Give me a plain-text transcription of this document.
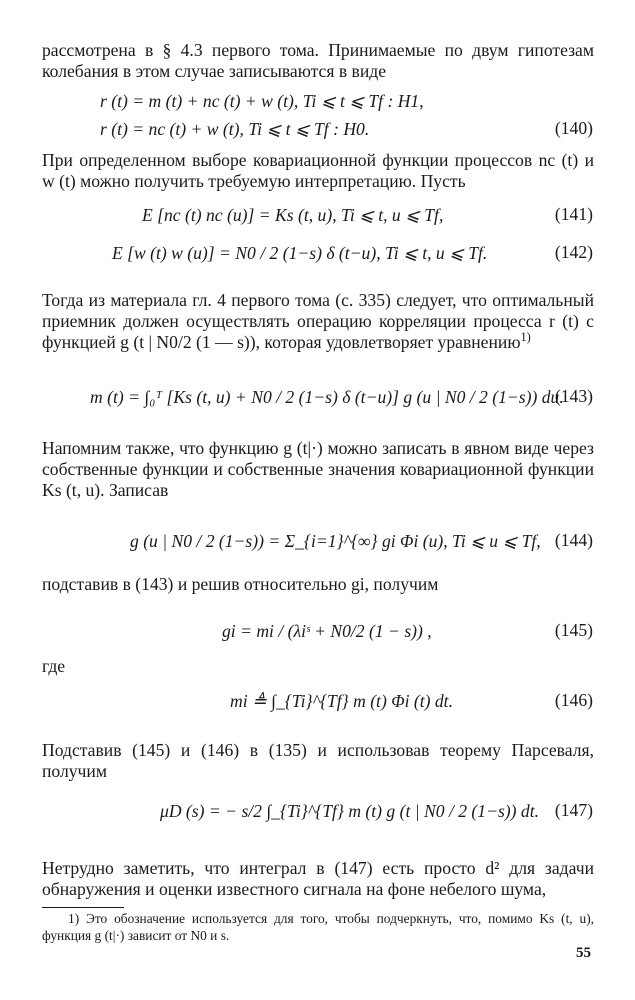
рассмотрена в § 4.3 первого тома. Принимаемые по двум гипотезам колебания в этом случае записываются в виде
r (t) = m (t) + nc (t) + w (t), Ti ⩽ t ⩽ Tf : H1,
r (t) = nc (t) + w (t), Ti ⩽ t ⩽ Tf : H0.	(140)
При определенном выборе ковариационной функции процессов nc (t) и w (t) можно получить требуемую интерпретацию. Пусть
E [nc (t) nc (u)] = Ks (t, u), Ti ⩽ t, u ⩽ Tf,	(141)
E [w (t) w (u)] = N0 / 2 (1−s) δ (t−u), Ti ⩽ t, u ⩽ Tf.	(142)
Тогда из материала гл. 4 первого тома (с. 335) следует, что оптимальный приемник должен осуществлять операцию корреляции процесса r (t) с функцией g (t | N0/2 (1 — s)), которая удовлетворяет уравнению$^{1)}$
m (t) = ∫₀ᵀ [Ks (t, u) + N0 / 2 (1−s) δ (t−u)] g (u | N0 / 2 (1−s)) du.
(143)
Напомним также, что функцию g (t|·) можно записать в явном виде через собственные функции и собственные значения ковариационной функции Ks (t, u). Записав
g (u | N0 / 2 (1−s)) = Σ_{i=1}^{∞} gi Φi (u), Ti ⩽ u ⩽ Tf, (144)
подставив в (143) и решив относительно gi, получим
gi = mi / (λiˢ + N0/2 (1 − s)) ,	(145)
где
mi ≜ ∫_{Ti}^{Tf} m (t) Φi (t) dt.	(146)
Подставив (145) и (146) в (135) и использовав теорему Парсеваля, получим
μD (s) = − s/2 ∫_{Ti}^{Tf} m (t) g (t | N0 / 2 (1−s)) dt. (147)
Нетрудно заметить, что интеграл в (147) есть просто d² для задачи обнаружения и оценки известного сигнала на фоне небелого шума,
1) Это обозначение используется для того, чтобы подчеркнуть, что, помимо Ks (t, u), функция g (t|·) зависит от N0 и s.
55
